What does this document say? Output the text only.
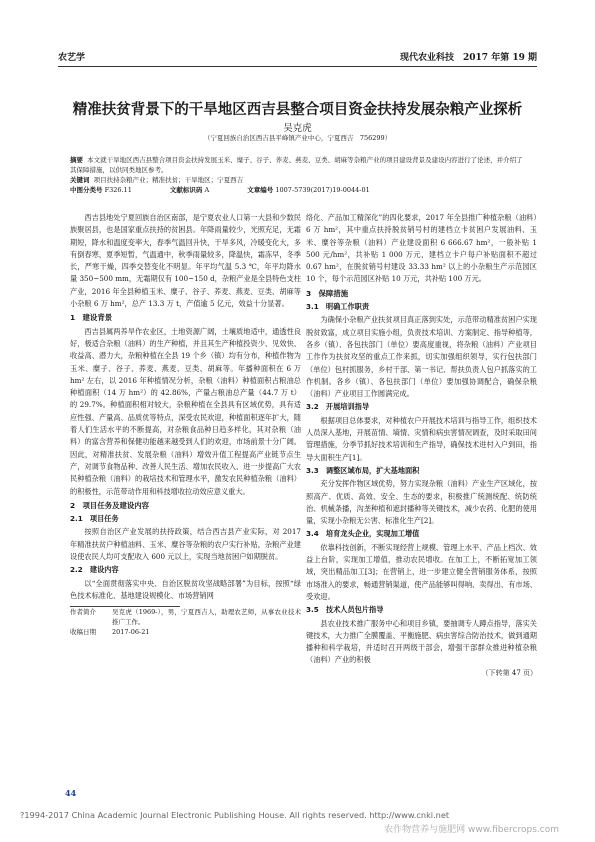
农艺学	现代农业科技　2017 年第 19 期
精准扶贫背景下的干旱地区西吉县整合项目资金扶持发展杂粮产业探析
吴克虎
（宁夏回族自治区西吉县平峰镇产业中心，宁夏西吉　756299）
摘要 本文就干旱地区西吉县整合项目资金扶持发展玉米、糜子、谷子、荞麦、燕麦、豆类、胡麻等杂粮产业的项目建设背景及建设内容进行了论述，并介绍了其保障措施，以供同类地区参考。
关键词 项目扶持杂粮产业；精准扶贫；干旱地区；宁夏西吉
中图分类号 F326.11	文献标识码 A	文章编号 1007-5739(2017)19-0044-01

西吉县地处宁夏回族自治区南部，是宁夏农业人口第一大县和少数民族聚居县，也是国家重点扶持的贫困县。年降雨量较少，光照充足，无霜期短，降水和温度变率大，春季气温回升快，干旱多风，冷暖变化大，多有倒春寒，夏季短暂，气温通中，秋季雨量较多，降温快，霜冻早，冬季长，严寒干燥，四季交替变化不明显。年平均气温 5.3 ℃，年平均降水量 350~500 mm，无霜期仅有 100~150 d，杂粮产业是全县特色支柱产业，2016 年全县种植玉米、糜子、谷子、荞麦、燕麦、豆类、胡麻等小杂粮 6 万 hm²，总产 13.3 万 t，产值逾 5 亿元，效益十分显著。

1　建设背景

西吉县属两养旱作农业区，土地资源广阔，土壤质地适中，通透性良好，极适合杂粮（油料）的生产种植，并且其生产种植投资少、见效快、收益高、潜力大，杂粮种植在全县 19 个乡（镇）均有分布，种植作物为玉米、糜子、谷子、荞麦、燕麦、豆类、胡麻等。年播种面积在 6 万 hm² 左右，以 2016 年种植情况分析，杂粮（油料）种植面积占粮油总种植面积（14 万 hm²）的 42.86%，产量占粮油总产量（44.7 万 t）的 29.7%。种植面积相对较大，杂粮种植在全县具有区域优势，具有适应性强、产量高、品质优等特点，深受农民欢迎，种植面积逐年扩大，随着人们生活水平的不断提高，对杂粮食品种日趋多样化，其对杂粮（油料）的富含营养和保健功能越来越受到人们的欢迎，市场前景十分广阔。因此，对精准扶贫、发展杂粮（油料）增效升值工程提高产业链节点生产，对调节食物品种、改善人民生活、增加农民收入、进一步提高广大农民种植杂粮（油料）的栽培技术和管理水平，激发农民种植杂粮（油料）的积极性，示范带动作用和科技增收拉动效应意义重大。

2　项目任务及建设内容
2.1　项目任务

按照自治区产业发展的扶持政策，结合西吉县产业实际，对 2017 年精准扶贫户种植油料、玉米、糜谷等杂粮的农户实行补贴，杂粮产业建设使农民人均可支配收入 600 元以上，实现当地贫困户如期脱贫。

2.2　建设内容

以“全面贯彻落实中央、自治区脱贫攻坚战略部署”为目标，按照“绿色技术标准化、基地建设规模化、市场营销网

作者简介	吴克虎（1969-），男，宁夏西吉人，助理农艺师，从事农业技术推广工作。
收稿日期	2017-06-21

络化、产品加工精深化”的四化要求，2017 年全县推广种植杂粮（油料）6 万 hm²，其中重点扶持脱贫销号村的建档立卡贫困户发展油料、玉米、糜谷等杂粮（油料）产业建设面积 6 666.67 hm²，一般补贴 1 500 元/hm²，共补贴 1 000 万元，建档立卡户每户补贴面积不超过 0.67 hm²，在脱贫销号村建设 33.33 hm² 以上的小杂粮生产示范园区 10 个，每个示范园区补贴 10 万元，共补贴 100 万元。

3　保障措施
3.1　明确工作职责

为确保小杂粮产业扶贫项目真正落到实处，示范带动精准贫困户实现脱贫致富，成立项目实施小组，负责技术培训、方案制定、指导种植等，各乡（镇）、各包扶部门（单位）要高度重视，将杂粮（油料）产业项目工作作为扶贫攻坚的重点工作来抓，切实加强组织领导，实行包扶部门（单位）包村抓服务，乡村干部、第一书记、帮扶负责人包户抓落实的工作机制。各乡（镇）、各包扶部门（单位）要加强协调配合，确保杂粮（油料）产业项目工作圆满完成。

3.2　开展培训指导

根据项目总体要求，对种植农户开展技术培训与指导工作，组织技术人员深入基地，开展苗情、墒情、灾情和病虫害情况调查，及时采取田间管理措施，分季节抓好技术培训和生产指导，确保技术进村入户到田，指导大面积生产[1]。

3.3　调整区域布局，扩大基地面积

充分发挥作物区域优势，努力实现杂粮（油料）产业生产区域化，按照高产、优质、高效、安全、生态的要求，积极推广统测统配、统防统治、机械条播，沟垄种植和遮封播种等关键技术，减少农药、化肥的使用量，实现小杂粮无公害、标准化生产[2]。

3.4　培育龙头企业，实现加工增值

依靠科技创新，不断实现经营上规模、管理上水平、产品上档次、效益上台阶，实现加工增值，推动农民增收。在加工上，不断拓宽加工领域，突出精品加工[3]；在营销上，进一步建立健全营销服务体系，按照市场准入的要求，畅通营销渠道，使产品能够叫得响、卖得出、有市场、受欢迎。

3.5　技术人员包片指导

县农业技术推广服务中心和项目乡镇，要抽调专人蹲点指导，落实关键技术，大力推广全膜覆盖、平衡施肥、病虫害综合防治技术，做到通期播种和科学栽培，并适时召开两级干部会，增强干部群众推进种植杂粮（油料）产业的积极

（下转第 47 页）
44
?1994-2017 China Academic Journal Electronic Publishing House. All rights reserved. http://www.cnki.net
农作物营养与施肥网 www.fibercrops.com
